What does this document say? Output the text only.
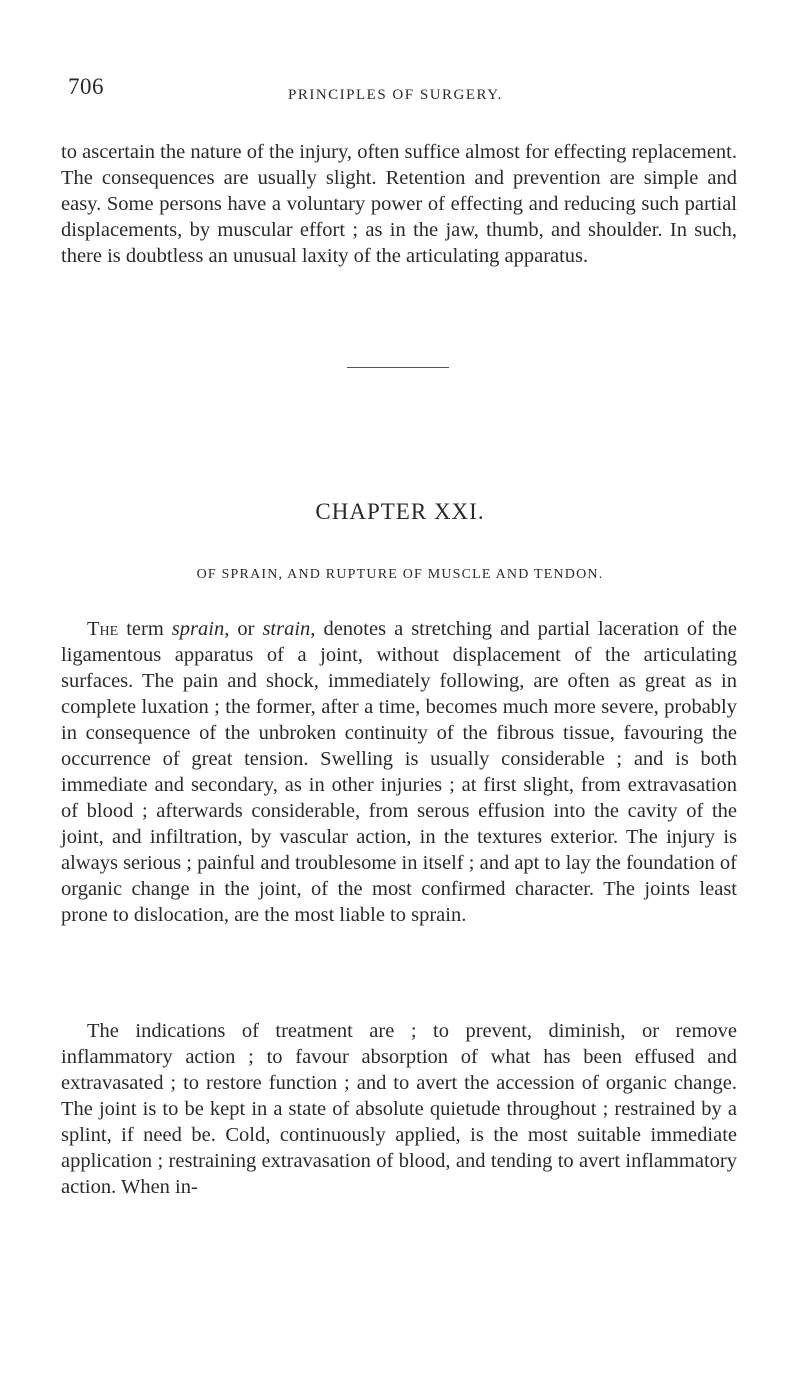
706	PRINCIPLES OF SURGERY.

to ascertain the nature of the injury, often suffice almost for effecting replacement. The consequences are usually slight. Retention and prevention are simple and easy. Some persons have a voluntary power of effecting and reducing such partial displacements, by muscular effort ; as in the jaw, thumb, and shoulder. In such, there is doubtless an unusual laxity of the articulating apparatus.

CHAPTER XXI.
OF SPRAIN, AND RUPTURE OF MUSCLE AND TENDON.

The term sprain, or strain, denotes a stretching and partial laceration of the ligamentous apparatus of a joint, without displacement of the articulating surfaces. The pain and shock, immediately following, are often as great as in complete luxation ; the former, after a time, becomes much more severe, probably in consequence of the unbroken continuity of the fibrous tissue, favouring the occurrence of great tension. Swelling is usually considerable ; and is both immediate and secondary, as in other injuries ; at first slight, from extravasation of blood ; afterwards considerable, from serous effusion into the cavity of the joint, and infiltration, by vascular action, in the textures exterior. The injury is always serious ; painful and troublesome in itself ; and apt to lay the foundation of organic change in the joint, of the most confirmed character. The joints least prone to dislocation, are the most liable to sprain.

The indications of treatment are ; to prevent, diminish, or remove inflammatory action ; to favour absorption of what has been effused and extravasated ; to restore function ; and to avert the accession of organic change. The joint is to be kept in a state of absolute quietude throughout ; restrained by a splint, if need be. Cold, continuously applied, is the most suitable immediate application ; restraining extravasation of blood, and tending to avert inflammatory action. When in-
